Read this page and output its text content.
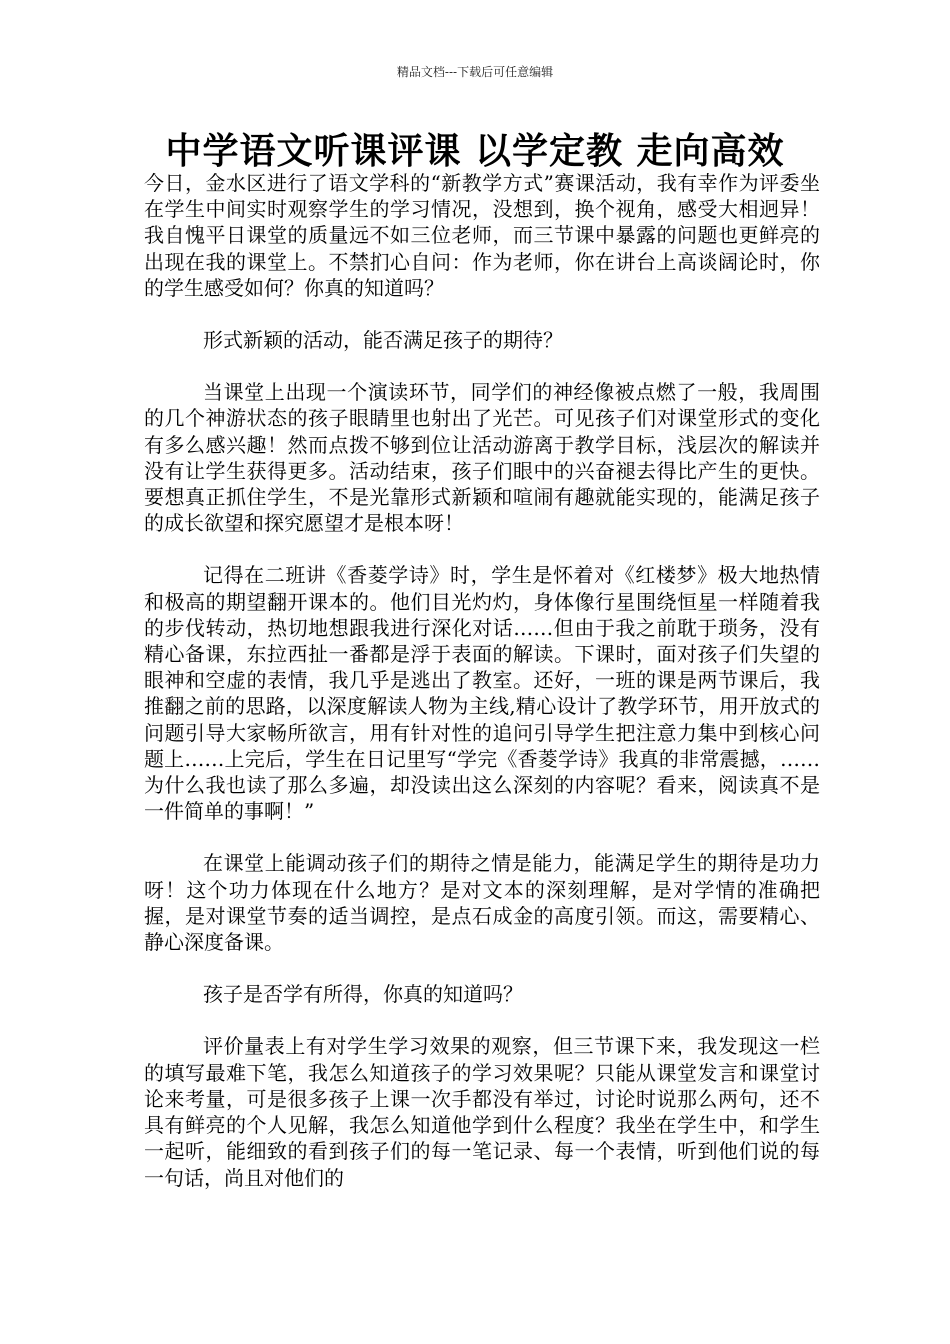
精品文档---下载后可任意编辑
中学语文听课评课 以学定教 走向高效

今日，金水区进行了语文学科的“新教学方式”赛课活动，我有幸作为评委坐在学生中间实时观察学生的学习情况，没想到，换个视角，感受大相迥异！我自愧平日课堂的质量远不如三位老师，而三节课中暴露的问题也更鲜亮的出现在我的课堂上。不禁扪心自问：作为老师，你在讲台上高谈阔论时，你的学生感受如何？你真的知道吗？

形式新颖的活动，能否满足孩子的期待？

当课堂上出现一个演读环节，同学们的神经像被点燃了一般，我周围的几个神游状态的孩子眼睛里也射出了光芒。可见孩子们对课堂形式的变化有多么感兴趣！然而点拨不够到位让活动游离于教学目标，浅层次的解读并没有让学生获得更多。活动结束，孩子们眼中的兴奋褪去得比产生的更快。要想真正抓住学生，不是光靠形式新颖和喧闹有趣就能实现的，能满足孩子的成长欲望和探究愿望才是根本呀！

记得在二班讲《香菱学诗》时，学生是怀着对《红楼梦》极大地热情和极高的期望翻开课本的。他们目光灼灼，身体像行星围绕恒星一样随着我的步伐转动，热切地想跟我进行深化对话……但由于我之前耽于琐务，没有精心备课，东拉西扯一番都是浮于表面的解读。下课时，面对孩子们失望的眼神和空虚的表情，我几乎是逃出了教室。还好，一班的课是两节课后，我推翻之前的思路，以深度解读人物为主线,精心设计了教学环节，用开放式的问题引导大家畅所欲言，用有针对性的追问引导学生把注意力集中到核心问题上……上完后，学生在日记里写“学完《香菱学诗》我真的非常震撼，……为什么我也读了那么多遍，却没读出这么深刻的内容呢？看来，阅读真不是一件简单的事啊！”

在课堂上能调动孩子们的期待之情是能力，能满足学生的期待是功力呀！这个功力体现在什么地方？是对文本的深刻理解，是对学情的准确把握，是对课堂节奏的适当调控，是点石成金的高度引领。而这，需要精心、静心深度备课。

孩子是否学有所得，你真的知道吗？

评价量表上有对学生学习效果的观察，但三节课下来，我发现这一栏的填写最难下笔，我怎么知道孩子的学习效果呢？只能从课堂发言和课堂讨论来考量，可是很多孩子上课一次手都没有举过，讨论时说那么两句，还不具有鲜亮的个人见解，我怎么知道他学到什么程度？我坐在学生中，和学生一起听，能细致的看到孩子们的每一笔记录、每一个表情，听到他们说的每一句话，尚且对他们的
